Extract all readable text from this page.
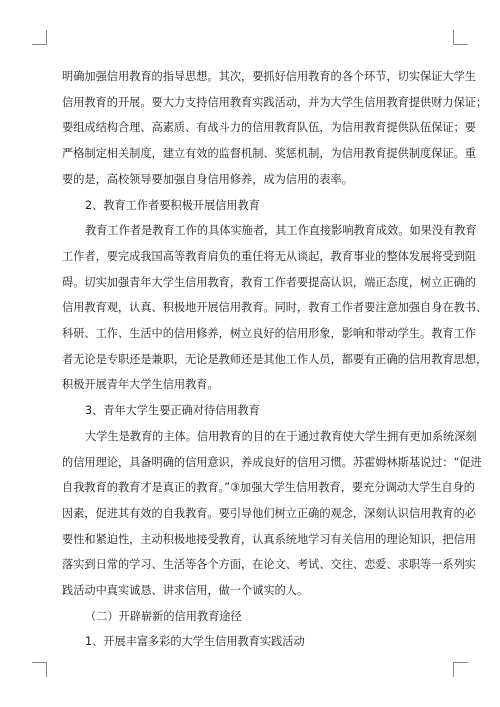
明确加强信用教育的指导思想。其次，要抓好信用教育的各个环节，切实保证大学生
信用教育的开展。要大力支持信用教育实践活动，并为大学生信用教育提供财力保证；
要组成结构合理、高素质、有战斗力的信用教育队伍，为信用教育提供队伍保证；要
严格制定相关制度，建立有效的监督机制、奖惩机制，为信用教育提供制度保证。重
要的是，高校领导要加强自身信用修养，成为信用的表率。

2、教育工作者要积极开展信用教育

教育工作者是教育工作的具体实施者，其工作直接影响教育成效。如果没有教育
工作者，要完成我国高等教育肩负的重任将无从谈起，教育事业的整体发展将受到阻
碍。切实加强青年大学生信用教育，教育工作者要提高认识，端正态度，树立正确的
信用教育观，认真、积极地开展信用教育。同时，教育工作者要注意加强自身在教书、
科研、工作、生活中的信用修养，树立良好的信用形象，影响和带动学生。教育工作
者无论是专职还是兼职，无论是教师还是其他工作人员，都要有正确的信用教育思想，
积极开展青年大学生信用教育。

3、青年大学生要正确对待信用教育

大学生是教育的主体。信用教育的目的在于通过教育使大学生拥有更加系统深刻
的信用理论，具备明确的信用意识，养成良好的信用习惯。苏霍姆林斯基说过：“促进
自我教育的教育才是真正的教育。”③加强大学生信用教育，要充分调动大学生自身的
因素，促进其有效的自我教育。要引导他们树立正确的观念，深刻认识信用教育的必
要性和紧迫性，主动积极地接受教育，认真系统地学习有关信用的理论知识，把信用
落实到日常的学习、生活等各个方面，在论文、考试、交往、恋爱、求职等一系列实
践活动中真实诚恳、讲求信用，做一个诚实的人。

（二）开辟崭新的信用教育途径

1、开展丰富多彩的大学生信用教育实践活动
